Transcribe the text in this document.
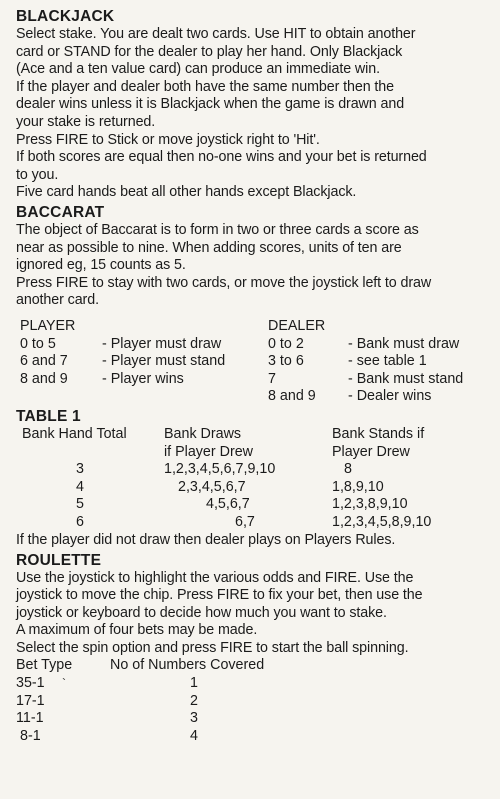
BLACKJACK
Select stake. You are dealt two cards. Use HIT to obtain another
card or STAND for the dealer to play her hand. Only Blackjack
(Ace and a ten value card) can produce an immediate win.
If the player and dealer both have the same number then the
dealer wins unless it is Blackjack when the game is drawn and
your stake is returned.
Press FIRE to Stick or move joystick right to 'Hit'.
If both scores are equal then no-one wins and your bet is returned
to you.
Five card hands beat all other hands except Blackjack.
BACCARAT
The object of Baccarat is to form in two or three cards a score as
near as possible to nine. When adding scores, units of ten are
ignored eg, 15 counts as 5.
Press FIRE to stay with two cards, or move the joystick left to draw
another card.
PLAYER
0 to 5
6 and 7
8 and 9

- Player must draw
- Player must stand
- Player wins
DEALER
0 to 2
3 to 6
7
8 and 9

- Bank must draw
- see table 1
- Bank must stand
- Dealer wins
TABLE 1
Bank Hand Total

3
4
5
6
Bank Draws
if Player Drew
1,2,3,4,5,6,7,9,10
2,3,4,5,6,7
4,5,6,7
6,7
Bank Stands if
Player Drew
8
1,8,9,10
1,2,3,8,9,10
1,2,3,4,5,8,9,10
If the player did not draw then dealer plays on Players Rules.
ROULETTE
Use the joystick to highlight the various odds and FIRE. Use the
joystick to move the chip. Press FIRE to fix your bet, then use the
joystick or keyboard to decide how much you want to stake.
A maximum of four bets may be made.
Select the spin option and press FIRE to start the ball spinning.
Bet Type
35-1
17-1
11-1
8-1
`
No of Numbers Covered
1
2
3
4
